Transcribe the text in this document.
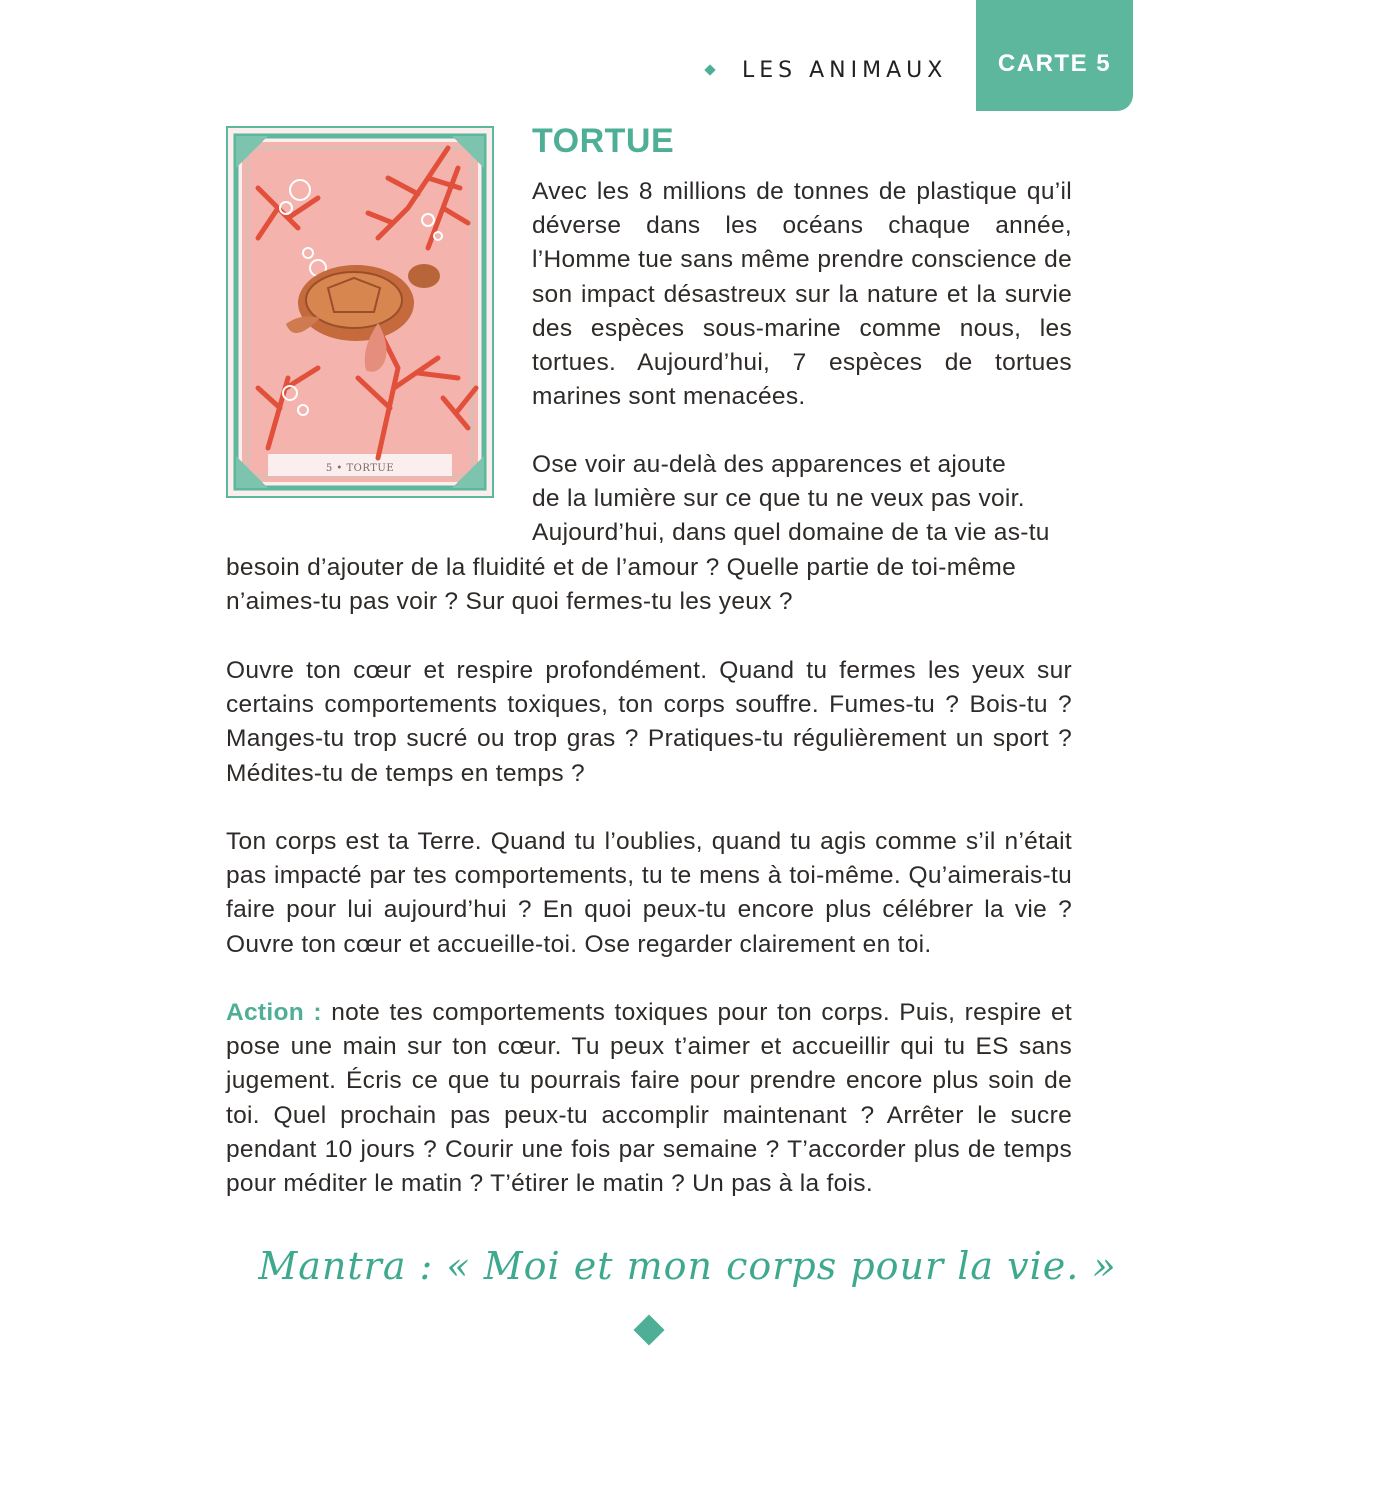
LES ANIMAUX CARTE 5
5 • TORTUE
TORTUE

Avec les 8 millions de tonnes de plastique qu’il déverse dans les océans chaque année, l’Homme tue sans même prendre conscience de son impact désastreux sur la nature et la survie des espèces sous-marine comme nous, les tortues. Aujourd’hui, 7 espèces de tortues marines sont menacées.

Ose voir au-delà des apparences et ajoute
de la lumière sur ce que tu ne veux pas voir.
Aujourd’hui, dans quel domaine de ta vie as-tu
besoin d’ajouter de la fluidité et de l’amour ? Quelle partie de toi-même
n’aimes-tu pas voir ? Sur quoi fermes-tu les yeux ?

Ouvre ton cœur et respire profondément. Quand tu fermes les yeux sur certains comportements toxiques, ton corps souffre. Fumes-tu ? Bois-tu ? Manges-tu trop sucré ou trop gras ? Pratiques-tu régulièrement un sport ? Médites-tu de temps en temps ?

Ton corps est ta Terre. Quand tu l’oublies, quand tu agis comme s’il n’était pas impacté par tes comportements, tu te mens à toi-même. Qu’aimerais-tu faire pour lui aujourd’hui ? En quoi peux-tu encore plus célébrer la vie ? Ouvre ton cœur et accueille-toi. Ose regarder clairement en toi.

Action : note tes comportements toxiques pour ton corps. Puis, respire et pose une main sur ton cœur. Tu peux t’aimer et accueillir qui tu ES sans jugement. Écris ce que tu pourrais faire pour prendre encore plus soin de toi. Quel prochain pas peux-tu accomplir maintenant ? Arrêter le sucre pendant 10 jours ? Courir une fois par semaine ? T’accorder plus de temps pour méditer le matin ? T’étirer le matin ? Un pas à la fois.

Mantra : « Moi et mon corps pour la vie. »
